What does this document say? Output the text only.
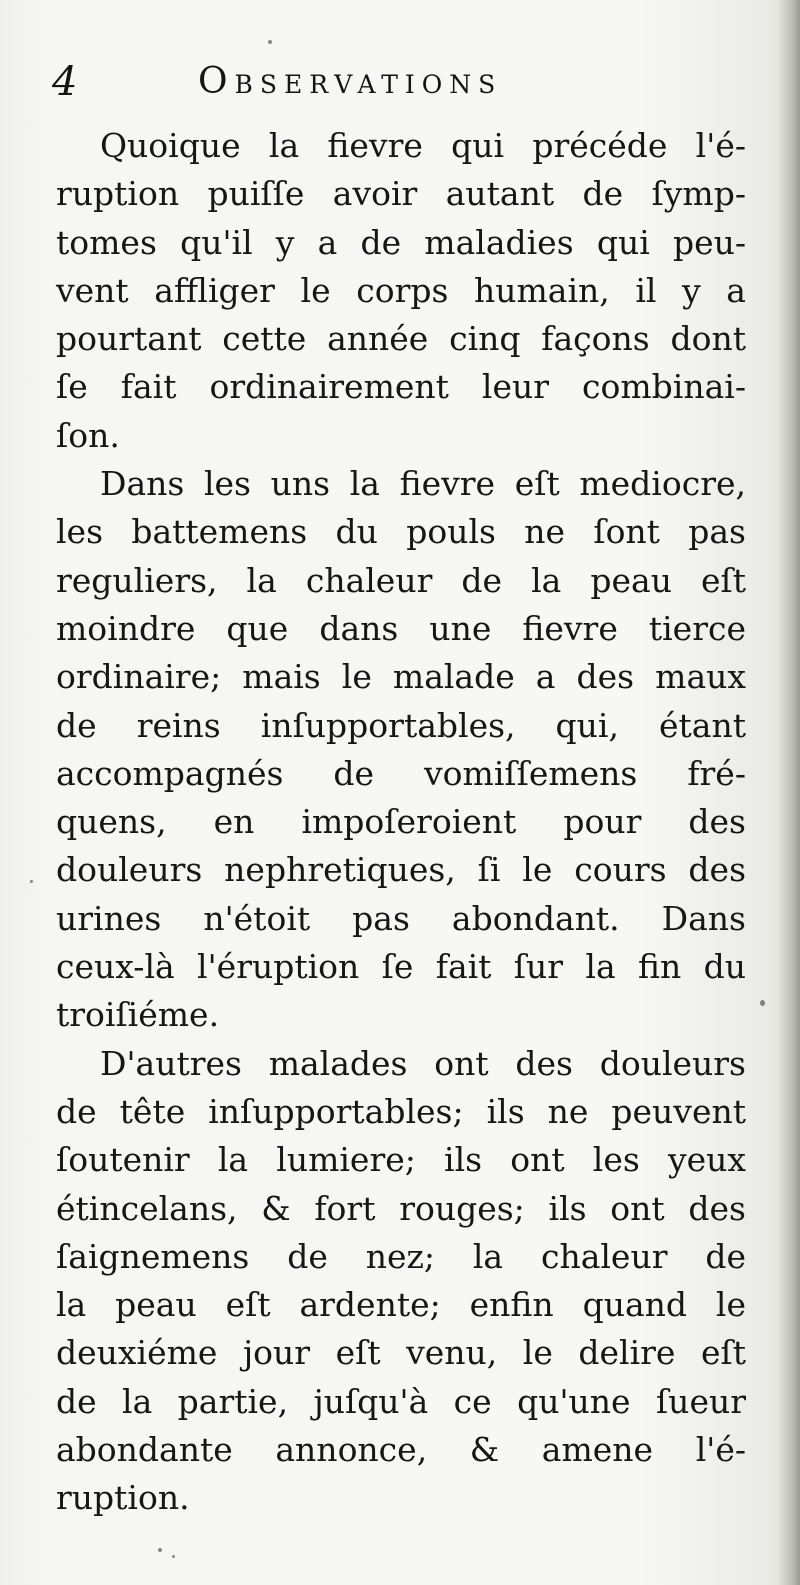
4	Observations

Quoique la fievre qui précéde l'é-
ruption puiſſe avoir autant de ſymp-
tomes qu'il y a de maladies qui peu-
vent affliger le corps humain, il y a
pourtant cette année cinq façons dont
ſe fait ordinairement leur combinai-
ſon.

Dans les uns la fievre eſt mediocre,
les battemens du pouls ne ſont pas
reguliers, la chaleur de la peau eſt
moindre que dans une fievre tierce
ordinaire; mais le malade a des maux
de reins inſupportables, qui, étant
accompagnés de vomiſſemens fré-
quens, en impoſeroient pour des
douleurs nephretiques, ſi le cours des
urines n'étoit pas abondant. Dans
ceux-là l'éruption ſe fait ſur la fin du
troiſiéme.

D'autres malades ont des douleurs
de tête inſupportables; ils ne peuvent
ſoutenir la lumiere; ils ont les yeux
étincelans, & fort rouges; ils ont des
ſaignemens de nez; la chaleur de
la peau eſt ardente; enfin quand le
deuxiéme jour eſt venu, le delire eſt
de la partie, juſqu'à ce qu'une ſueur
abondante annonce, & amene l'é-
ruption.
